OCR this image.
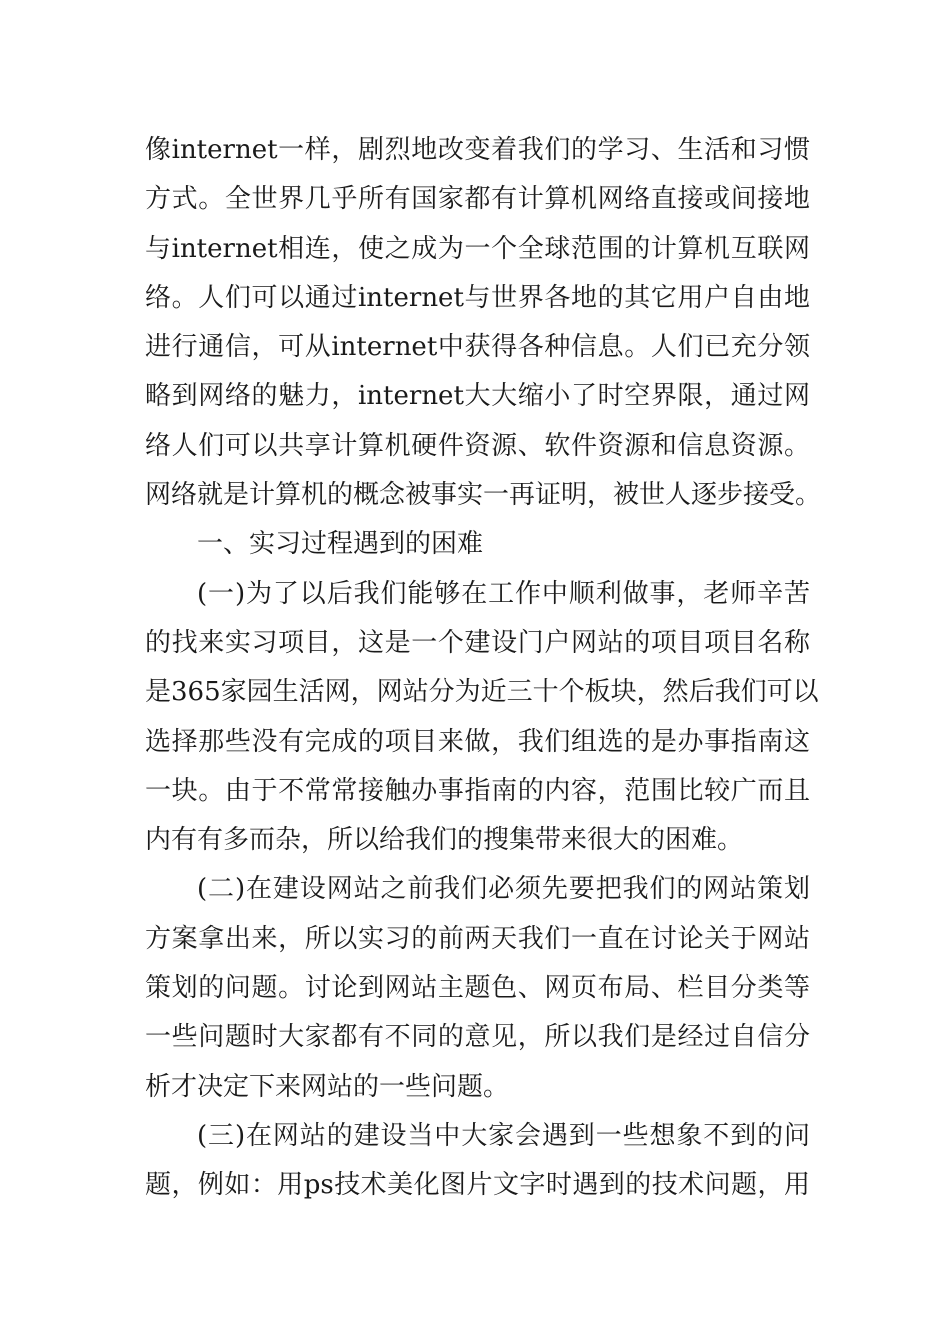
像internet一样，剧烈地改变着我们的学习、生活和习惯
方式。全世界几乎所有国家都有计算机网络直接或间接地
与internet相连，使之成为一个全球范围的计算机互联网
络。人们可以通过internet与世界各地的其它用户自由地
进行通信，可从internet中获得各种信息。人们已充分领
略到网络的魅力，internet大大缩小了时空界限，通过网
络人们可以共享计算机硬件资源、软件资源和信息资源。
网络就是计算机的概念被事实一再证明，被世人逐步接受。
一、实习过程遇到的困难
(一)为了以后我们能够在工作中顺利做事，老师辛苦
的找来实习项目，这是一个建设门户网站的项目项目名称
是365家园生活网，网站分为近三十个板块，然后我们可以
选择那些没有完成的项目来做，我们组选的是办事指南这
一块。由于不常常接触办事指南的内容，范围比较广而且
内有有多而杂，所以给我们的搜集带来很大的困难。
(二)在建设网站之前我们必须先要把我们的网站策划
方案拿出来，所以实习的前两天我们一直在讨论关于网站
策划的问题。讨论到网站主题色、网页布局、栏目分类等
一些问题时大家都有不同的意见，所以我们是经过自信分
析才决定下来网站的一些问题。
(三)在网站的建设当中大家会遇到一些想象不到的问
题，例如：用ps技术美化图片文字时遇到的技术问题，用
